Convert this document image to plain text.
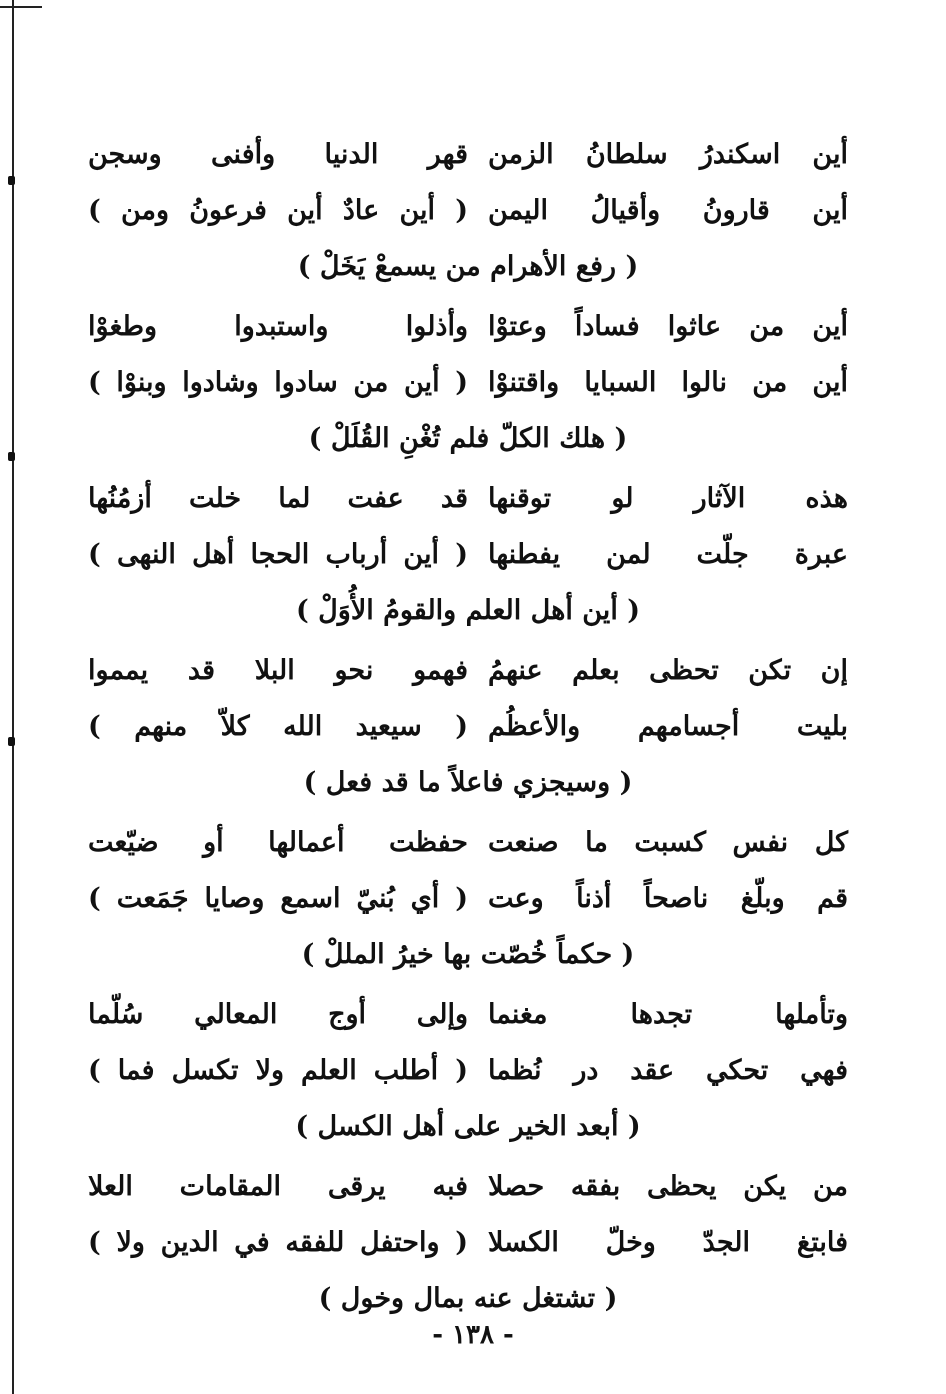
أين اسكندرُ سلطانُ الزمن
قهر الدنيا وأفنى وسجن
أين قارونُ وأقيالُ اليمن
( أين عادٌ أين فرعونُ ومن )
( رفع الأهرام من يسمعْ يَخَلْ )
أين من عاثوا فساداً وعتوْا
وأذلوا واستبدوا وطغوْا
أين من نالوا السبايا واقتنوْا
( أين من سادوا وشادوا وبنوْا )
( هلك الكلّ فلم تُغْنِ القُلَلْ )
هذه الآثار لو توقنها
قد عفت لما خلت أزمُنُها
عبرة جلّت لمن يفطنها
( أين أرباب الحجا أهل النهى )
( أين أهل العلم والقومُ الأُوَلْ )
إن تكن تحظى بعلم عنهمُ
فهمو نحو البلا قد يمموا
بليت أجسامهم والأعظُم
( سيعيد الله كلاّ منهم )
( وسيجزي فاعلاً ما قد فعل )
كل نفس كسبت ما صنعت
حفظت أعمالها أو ضيّعت
قم وبلّغ ناصحاً أذناً وعت
( أي بُنيّ اسمع وصايا جَمَعت )
( حكماً خُصّت بها خيرُ المللْ )
وتأملها تجدها مغنما
وإلى أوج المعالي سُلّما
فهي تحكي عقد در نُظما
( أطلب العلم ولا تكسل فما )
( أبعد الخير على أهل الكسل )
من يكن يحظى بفقه حصلا
فبه يرقى المقامات العلا
فابتغ الجدّ وخلّ الكسلا
( واحتفل للفقه في الدين ولا )
( تشتغل عنه بمال وخول )
- ١٣٨ -
